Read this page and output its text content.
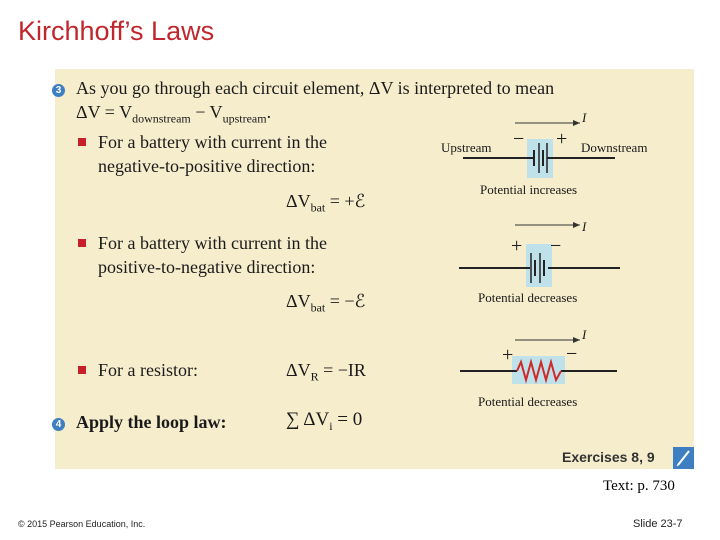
Kirchhoff’s Laws
3 As you go through each circuit element, ΔV is interpreted to mean
$\Delta V = V_{downstream} - V_{upstream}$.
For a battery with current in the
negative-to-positive direction:
$\Delta V_{bat}$ = +ℰ
For a battery with current in the
positive-to-negative direction:
$\Delta V_{bat}$ = −ℰ
For a resistor:	$\Delta V_R = -IR$
4 Apply the loop law:	∑ $\Delta V_i = 0$
I
Upstream	Downstream
− +
Potential increases
I
+ −
Potential decreases
I
+	−
Potential decreases
Exercises 8, 9
Text: p. 730
© 2015 Pearson Education, Inc.	Slide 23-7
